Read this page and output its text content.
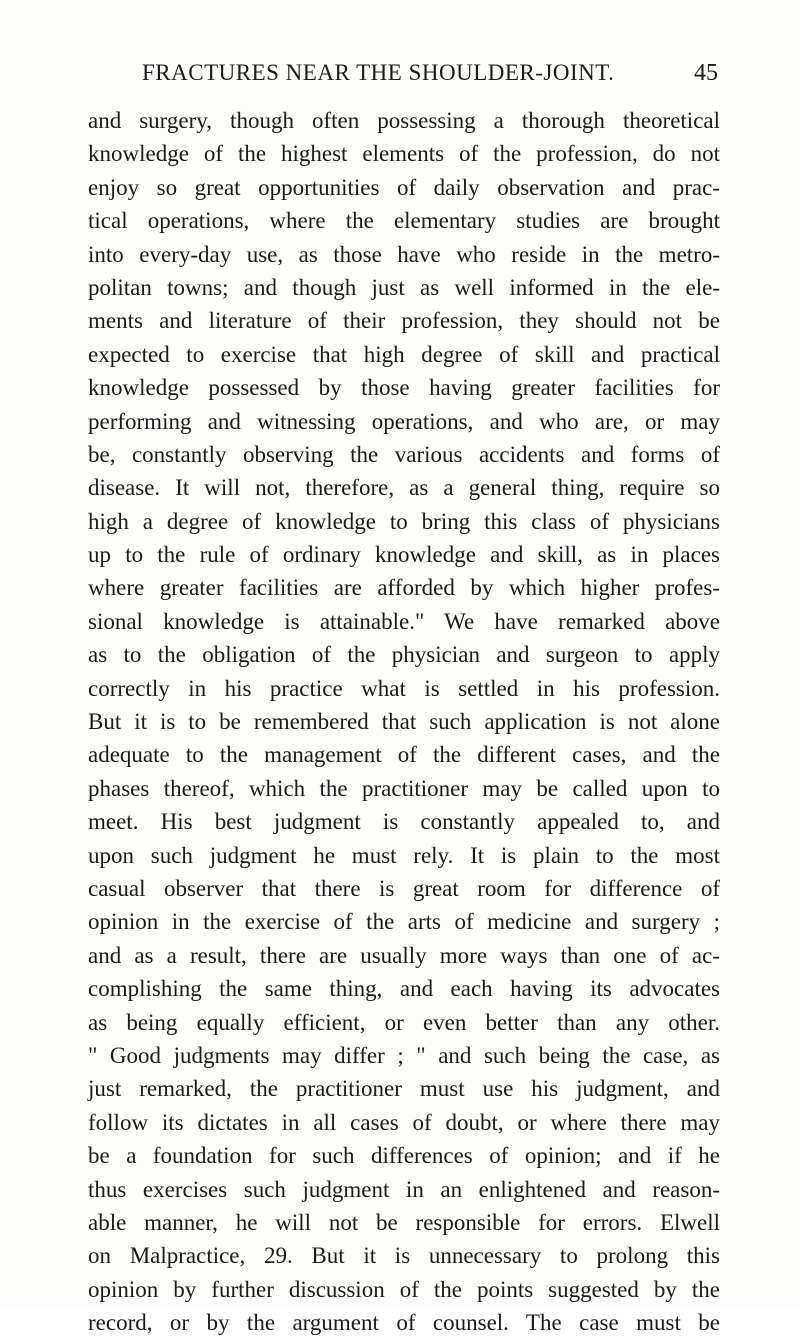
FRACTURES NEAR THE SHOULDER-JOINT.	45
and surgery, though often possessing a thorough theoretical
knowledge of the highest elements of the profession, do not
enjoy so great opportunities of daily observation and prac-
tical operations, where the elementary studies are brought
into every-day use, as those have who reside in the metro-
politan towns; and though just as well informed in the ele-
ments and literature of their profession, they should not be
expected to exercise that high degree of skill and practical
knowledge possessed by those having greater facilities for
performing and witnessing operations, and who are, or may
be, constantly observing the various accidents and forms of
disease. It will not, therefore, as a general thing, require so
high a degree of knowledge to bring this class of physicians
up to the rule of ordinary knowledge and skill, as in places
where greater facilities are afforded by which higher profes-
sional knowledge is attainable." We have remarked above
as to the obligation of the physician and surgeon to apply
correctly in his practice what is settled in his profession.
But it is to be remembered that such application is not alone
adequate to the management of the different cases, and the
phases thereof, which the practitioner may be called upon to
meet. His best judgment is constantly appealed to, and
upon such judgment he must rely. It is plain to the most
casual observer that there is great room for difference of
opinion in the exercise of the arts of medicine and surgery ;
and as a result, there are usually more ways than one of ac-
complishing the same thing, and each having its advocates
as being equally efficient, or even better than any other.
" Good judgments may differ ; " and such being the case, as
just remarked, the practitioner must use his judgment, and
follow its dictates in all cases of doubt, or where there may
be a foundation for such differences of opinion; and if he
thus exercises such judgment in an enlightened and reason-
able manner, he will not be responsible for errors. Elwell
on Malpractice, 29. But it is unnecessary to prolong this
opinion by further discussion of the points suggested by the
record, or by the argument of counsel. The case must be
